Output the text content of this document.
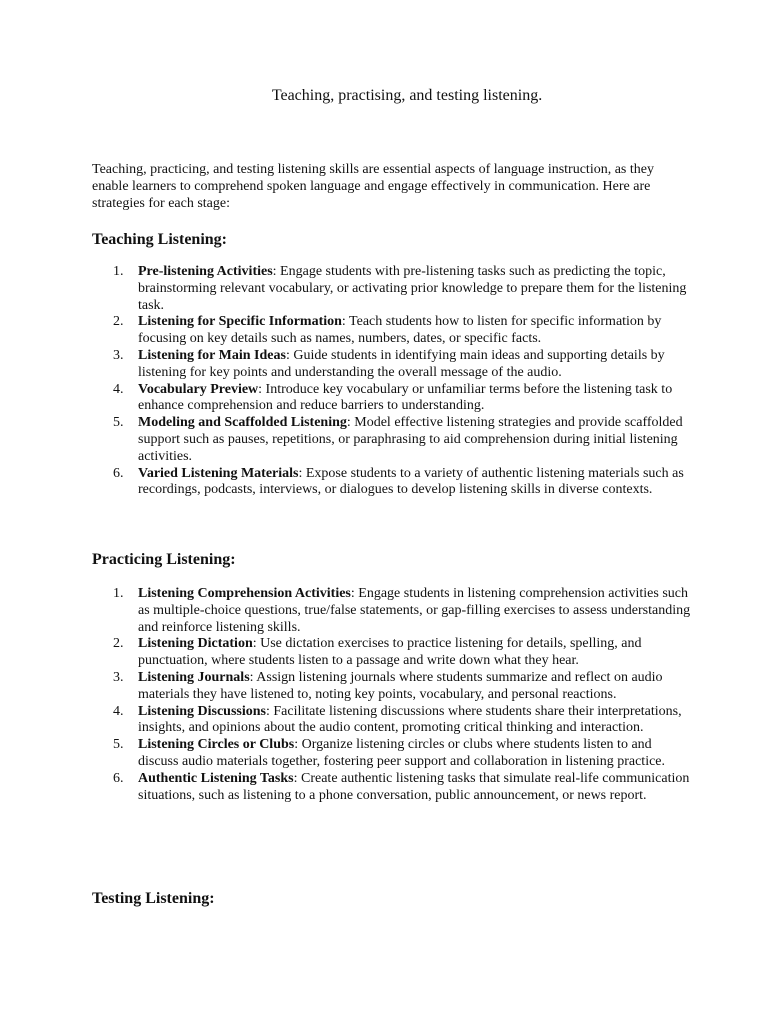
Teaching, practising, and testing listening.

Teaching, practicing, and testing listening skills are essential aspects of language instruction, as they enable learners to comprehend spoken language and engage effectively in communication. Here are strategies for each stage:

Teaching Listening:
1. Pre-listening Activities: Engage students with pre-listening tasks such as predicting the topic, brainstorming relevant vocabulary, or activating prior knowledge to prepare them for the listening task.
2. Listening for Specific Information: Teach students how to listen for specific information by focusing on key details such as names, numbers, dates, or specific facts.
3. Listening for Main Ideas: Guide students in identifying main ideas and supporting details by listening for key points and understanding the overall message of the audio.
4. Vocabulary Preview: Introduce key vocabulary or unfamiliar terms before the listening task to enhance comprehension and reduce barriers to understanding.
5. Modeling and Scaffolded Listening: Model effective listening strategies and provide scaffolded support such as pauses, repetitions, or paraphrasing to aid comprehension during initial listening activities.
6. Varied Listening Materials: Expose students to a variety of authentic listening materials such as recordings, podcasts, interviews, or dialogues to develop listening skills in diverse contexts.
Practicing Listening:
1. Listening Comprehension Activities: Engage students in listening comprehension activities such as multiple-choice questions, true/false statements, or gap-filling exercises to assess understanding and reinforce listening skills.
2. Listening Dictation: Use dictation exercises to practice listening for details, spelling, and punctuation, where students listen to a passage and write down what they hear.
3. Listening Journals: Assign listening journals where students summarize and reflect on audio materials they have listened to, noting key points, vocabulary, and personal reactions.
4. Listening Discussions: Facilitate listening discussions where students share their interpretations, insights, and opinions about the audio content, promoting critical thinking and interaction.
5. Listening Circles or Clubs: Organize listening circles or clubs where students listen to and discuss audio materials together, fostering peer support and collaboration in listening practice.
6. Authentic Listening Tasks: Create authentic listening tasks that simulate real-life communication situations, such as listening to a phone conversation, public announcement, or news report.
Testing Listening:
